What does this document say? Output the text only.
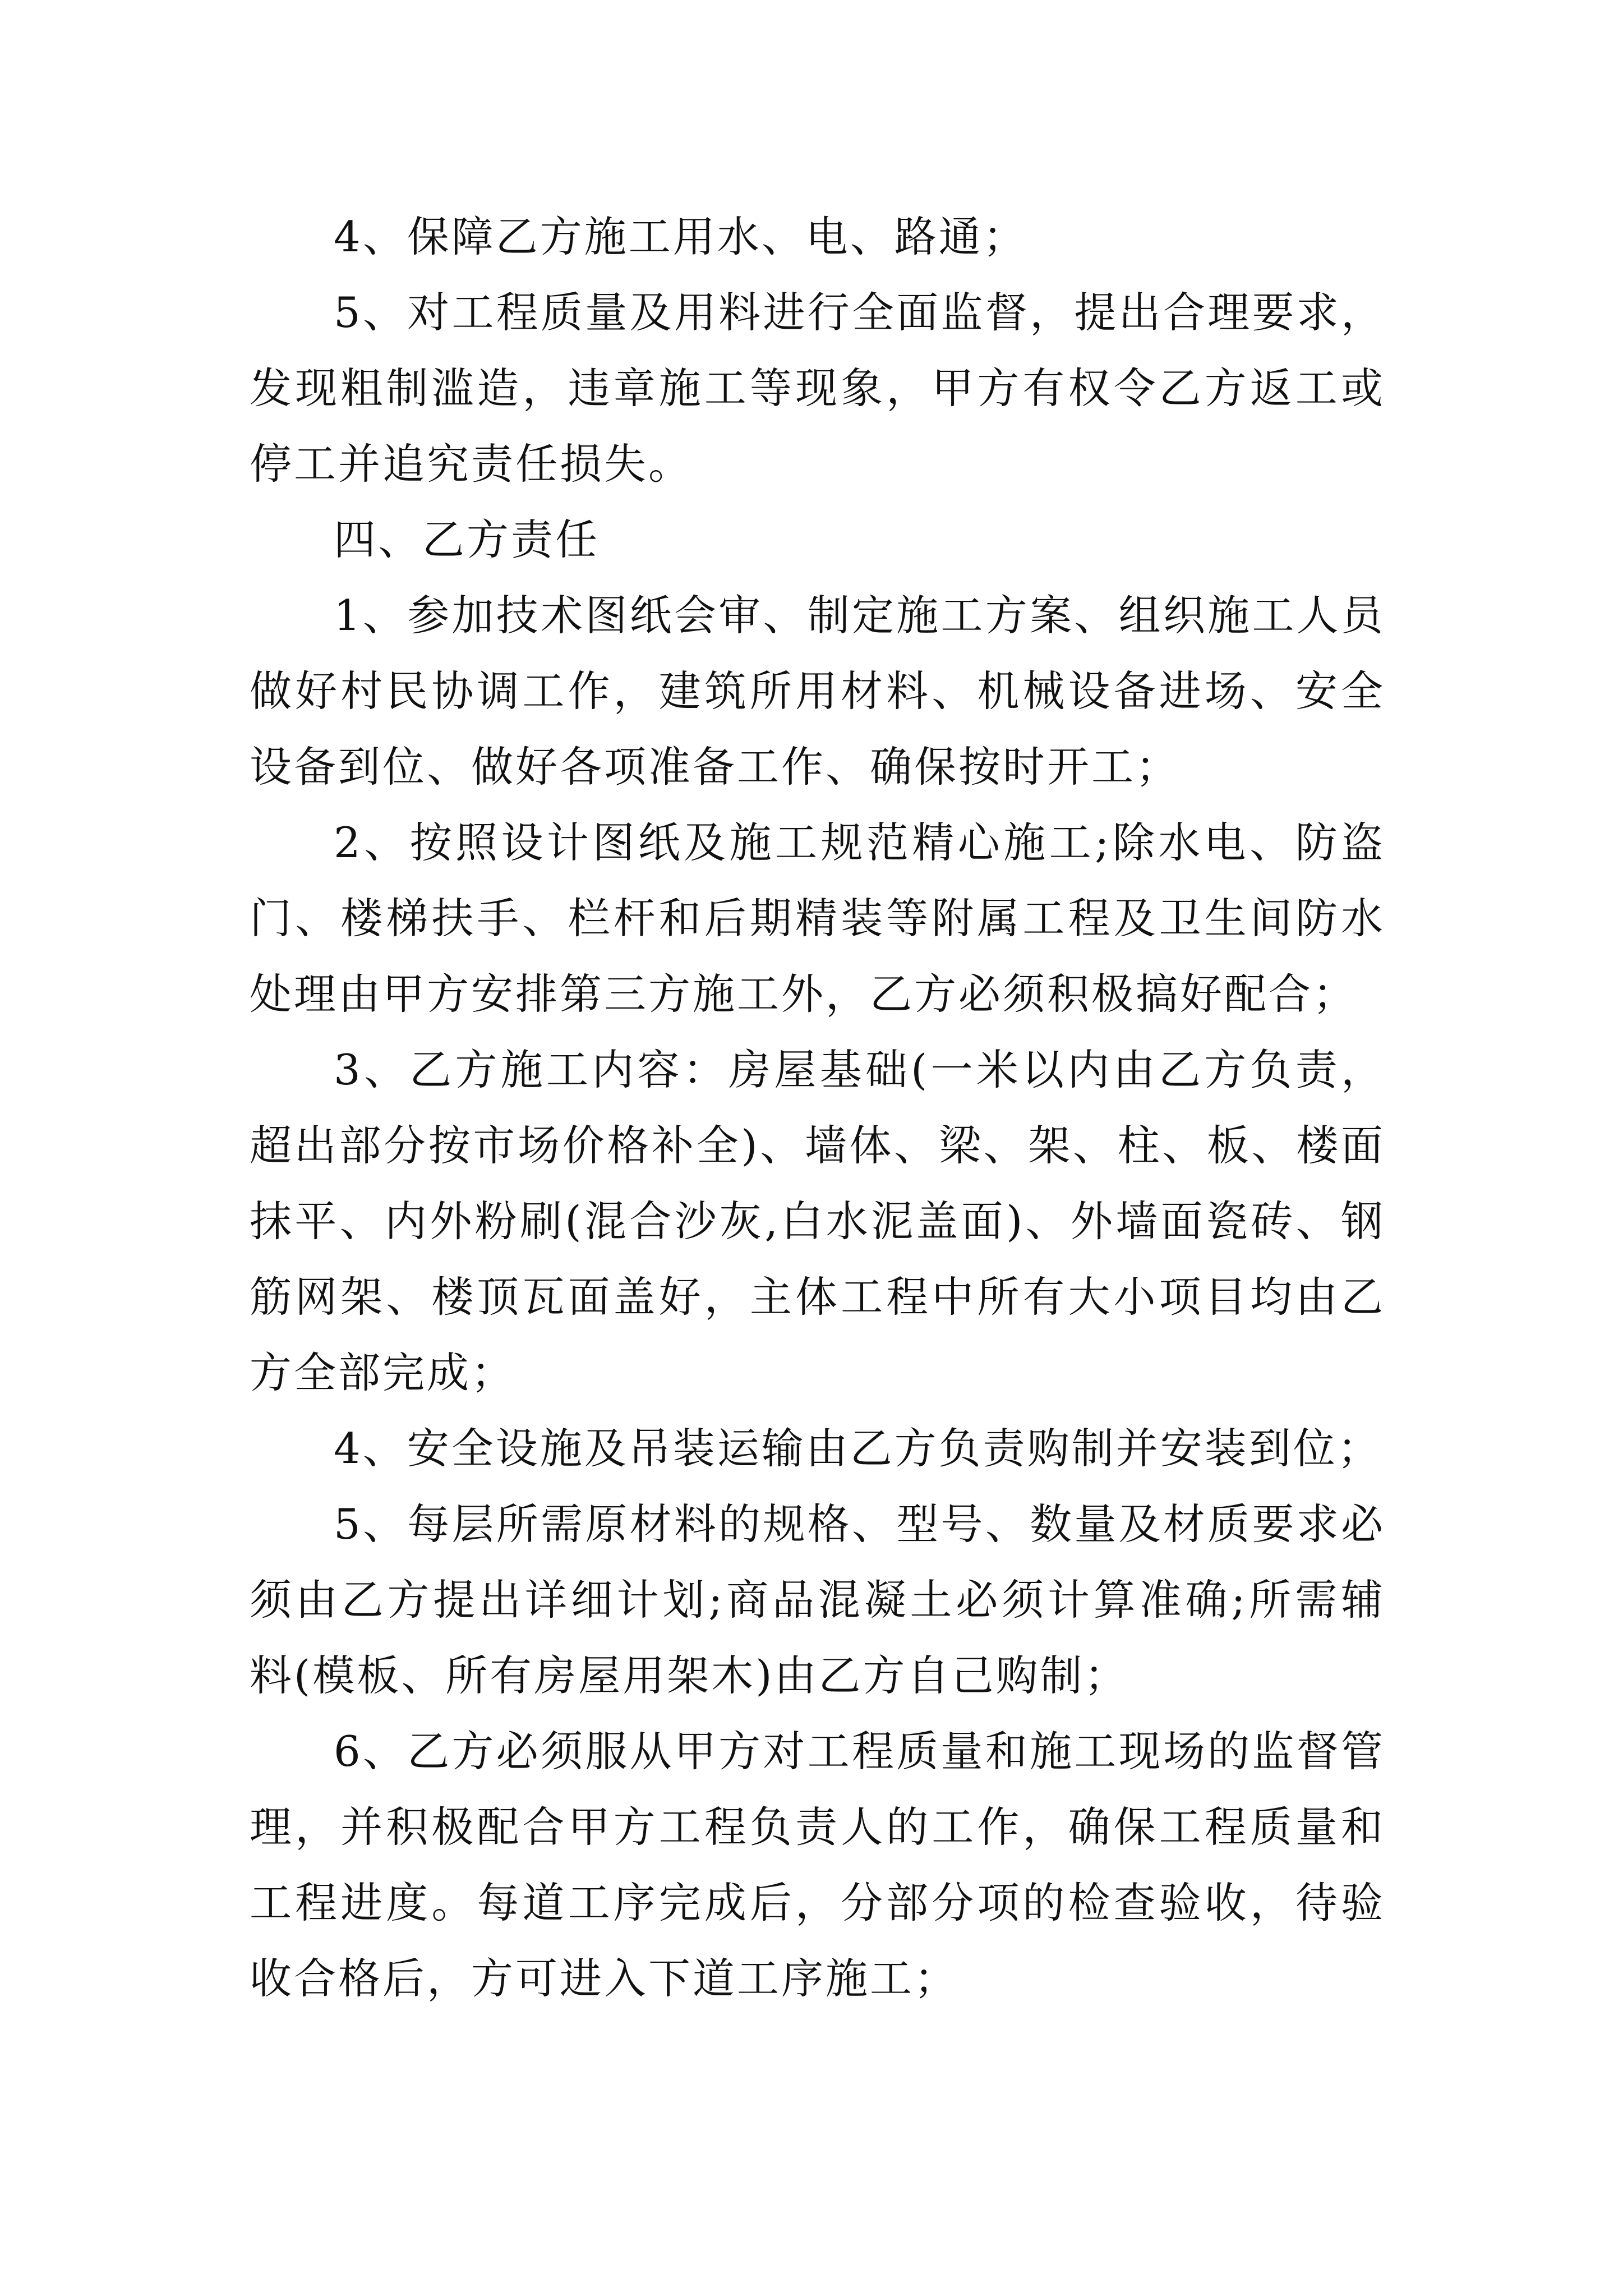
4、保障乙方施工用水、电、路通；

5、对工程质量及用料进行全面监督，提出合理要求，发现粗制滥造，违章施工等现象，甲方有权令乙方返工或停工并追究责任损失。

四、乙方责任

1、参加技术图纸会审、制定施工方案、组织施工人员做好村民协调工作，建筑所用材料、机械设备进场、安全设备到位、做好各项准备工作、确保按时开工；

2、按照设计图纸及施工规范精心施工;除水电、防盗门、楼梯扶手、栏杆和后期精装等附属工程及卫生间防水处理由甲方安排第三方施工外，乙方必须积极搞好配合；

3、乙方施工内容：房屋基础(一米以内由乙方负责，超出部分按市场价格补全)、墙体、梁、架、柱、板、楼面抹平、内外粉刷(混合沙灰,白水泥盖面)、外墙面瓷砖、钢筋网架、楼顶瓦面盖好，主体工程中所有大小项目均由乙方全部完成；

4、安全设施及吊装运输由乙方负责购制并安装到位；

5、每层所需原材料的规格、型号、数量及材质要求必须由乙方提出详细计划;商品混凝土必须计算准确;所需辅料(模板、所有房屋用架木)由乙方自己购制；

6、乙方必须服从甲方对工程质量和施工现场的监督管理，并积极配合甲方工程负责人的工作，确保工程质量和工程进度。每道工序完成后，分部分项的检查验收，待验收合格后，方可进入下道工序施工；
